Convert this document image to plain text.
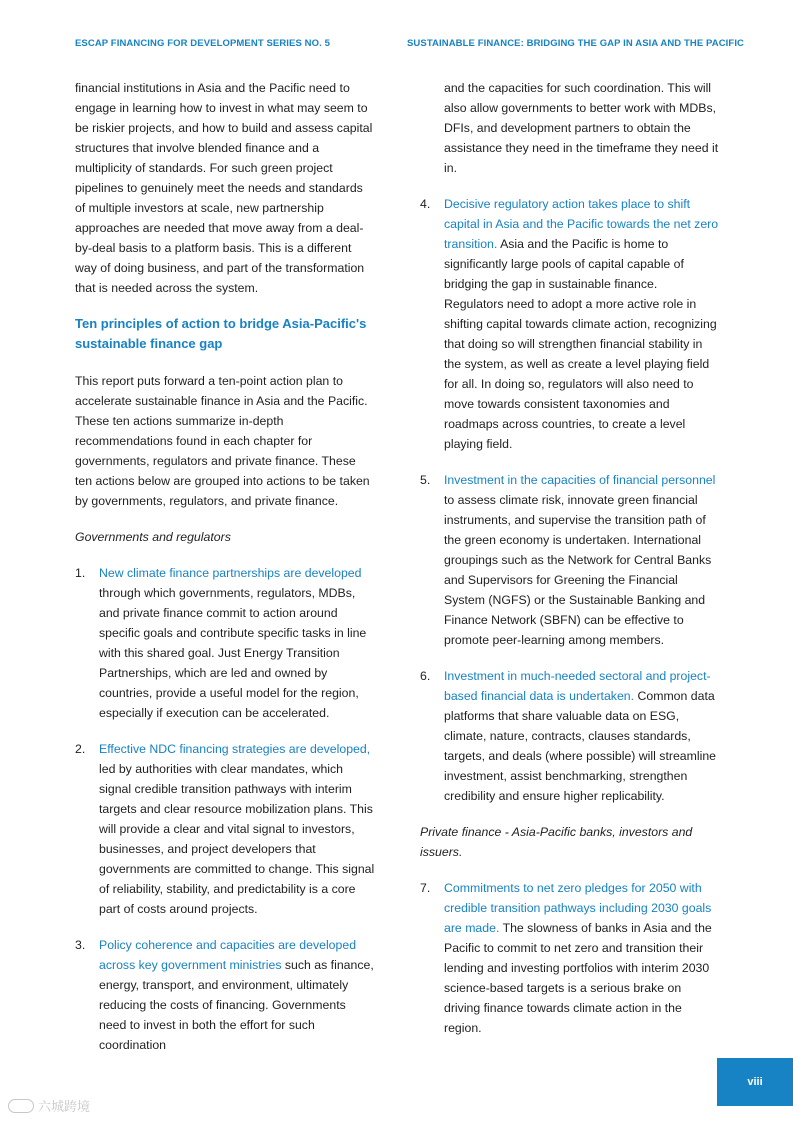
ESCAP FINANCING FOR DEVELOPMENT SERIES NO. 5	SUSTAINABLE FINANCE: BRIDGING THE GAP IN ASIA AND THE PACIFIC

financial institutions in Asia and the Pacific need to engage in learning how to invest in what may seem to be riskier projects, and how to build and assess capital structures that involve blended finance and a multiplicity of standards. For such green project pipelines to genuinely meet the needs and standards of multiple investors at scale, new partnership approaches are needed that move away from a deal-by-deal basis to a platform basis. This is a different way of doing business, and part of the transformation that is needed across the system.

Ten principles of action to bridge Asia-Pacific's sustainable finance gap

This report puts forward a ten-point action plan to accelerate sustainable finance in Asia and the Pacific. These ten actions summarize in-depth recommendations found in each chapter for governments, regulators and private finance. These ten actions below are grouped into actions to be taken by governments, regulators, and private finance.

Governments and regulators
1. New climate finance partnerships are developed through which governments, regulators, MDBs, and private finance commit to action around specific goals and contribute specific tasks in line with this shared goal. Just Energy Transition Partnerships, which are led and owned by countries, provide a useful model for the region, especially if execution can be accelerated.
2. Effective NDC financing strategies are developed, led by authorities with clear mandates, which signal credible transition pathways with interim targets and clear resource mobilization plans. This will provide a clear and vital signal to investors, businesses, and project developers that governments are committed to change. This signal of reliability, stability, and predictability is a core part of costs around projects.
3. Policy coherence and capacities are developed across key government ministries such as finance, energy, transport, and environment, ultimately reducing the costs of financing. Governments need to invest in both the effort for such coordination
and the capacities for such coordination. This will also allow governments to better work with MDBs, DFIs, and development partners to obtain the assistance they need in the timeframe they need it in.
4. Decisive regulatory action takes place to shift capital in Asia and the Pacific towards the net zero transition. Asia and the Pacific is home to significantly large pools of capital capable of bridging the gap in sustainable finance. Regulators need to adopt a more active role in shifting capital towards climate action, recognizing that doing so will strengthen financial stability in the system, as well as create a level playing field for all. In doing so, regulators will also need to move towards consistent taxonomies and roadmaps across countries, to create a level playing field.
5. Investment in the capacities of financial personnel to assess climate risk, innovate green financial instruments, and supervise the transition path of the green economy is undertaken. International groupings such as the Network for Central Banks and Supervisors for Greening the Financial System (NGFS) or the Sustainable Banking and Finance Network (SBFN) can be effective to promote peer-learning among members.
6. Investment in much-needed sectoral and project-based financial data is undertaken. Common data platforms that share valuable data on ESG, climate, nature, contracts, clauses standards, targets, and deals (where possible) will streamline investment, assist benchmarking, strengthen credibility and ensure higher replicability.
Private finance - Asia-Pacific banks, investors and issuers.
7. Commitments to net zero pledges for 2050 with credible transition pathways including 2030 goals are made. The slowness of banks in Asia and the Pacific to commit to net zero and transition their lending and investing portfolios with interim 2030 science-based targets is a serious brake on driving finance towards climate action in the region.
viii
六城跨境
